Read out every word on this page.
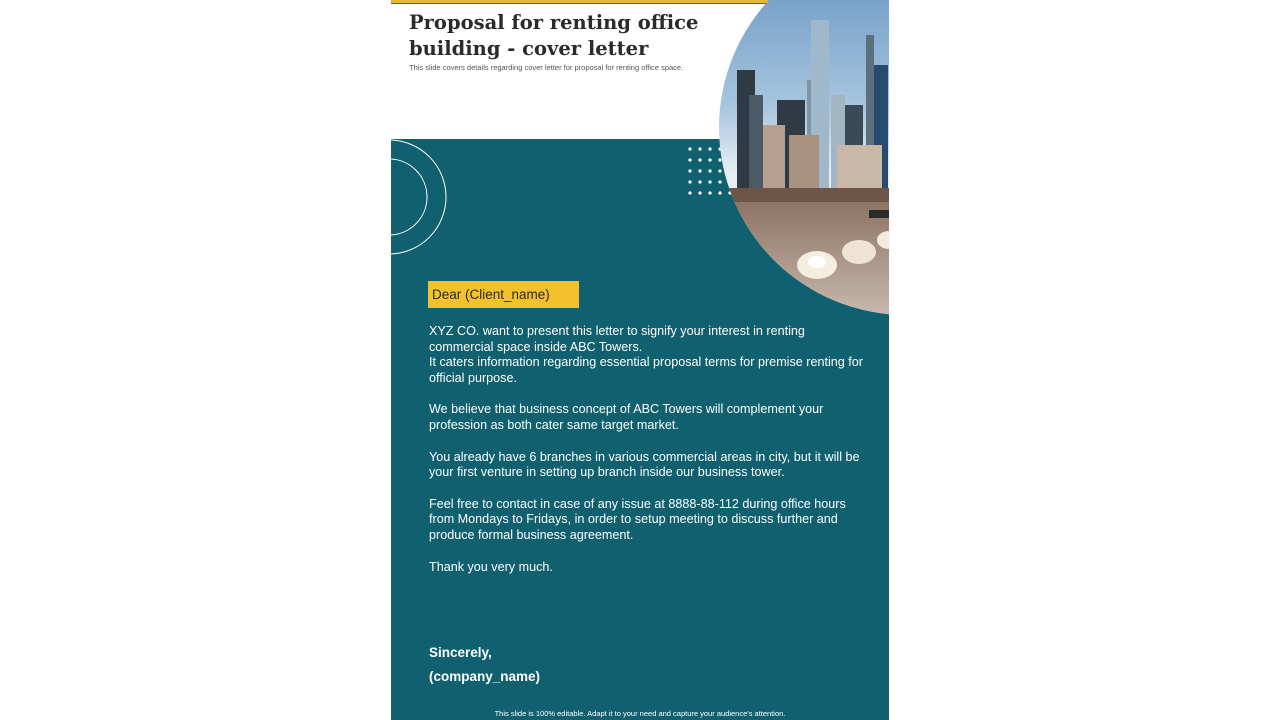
Proposal for renting office building - cover letter
This slide covers details regarding cover letter for proposal for renting office space.
Dear (Client_name)

XYZ CO. want to present this letter to signify your interest in renting commercial space inside ABC Towers.
It caters information regarding essential proposal terms for premise renting for official purpose.

We believe that business concept of ABC Towers will complement your profession as both cater same target market.

You already have 6 branches in various commercial areas in city, but it will be your first venture in setting up branch inside our business tower.

Feel free to contact in case of any issue at 8888-88-112 during office hours from Mondays to Fridays, in order to setup meeting to discuss further and produce formal business agreement.

Thank you very much.

Sincerely,
(company_name)
This slide is 100% editable. Adapt it to your need and capture your audience's attention.
